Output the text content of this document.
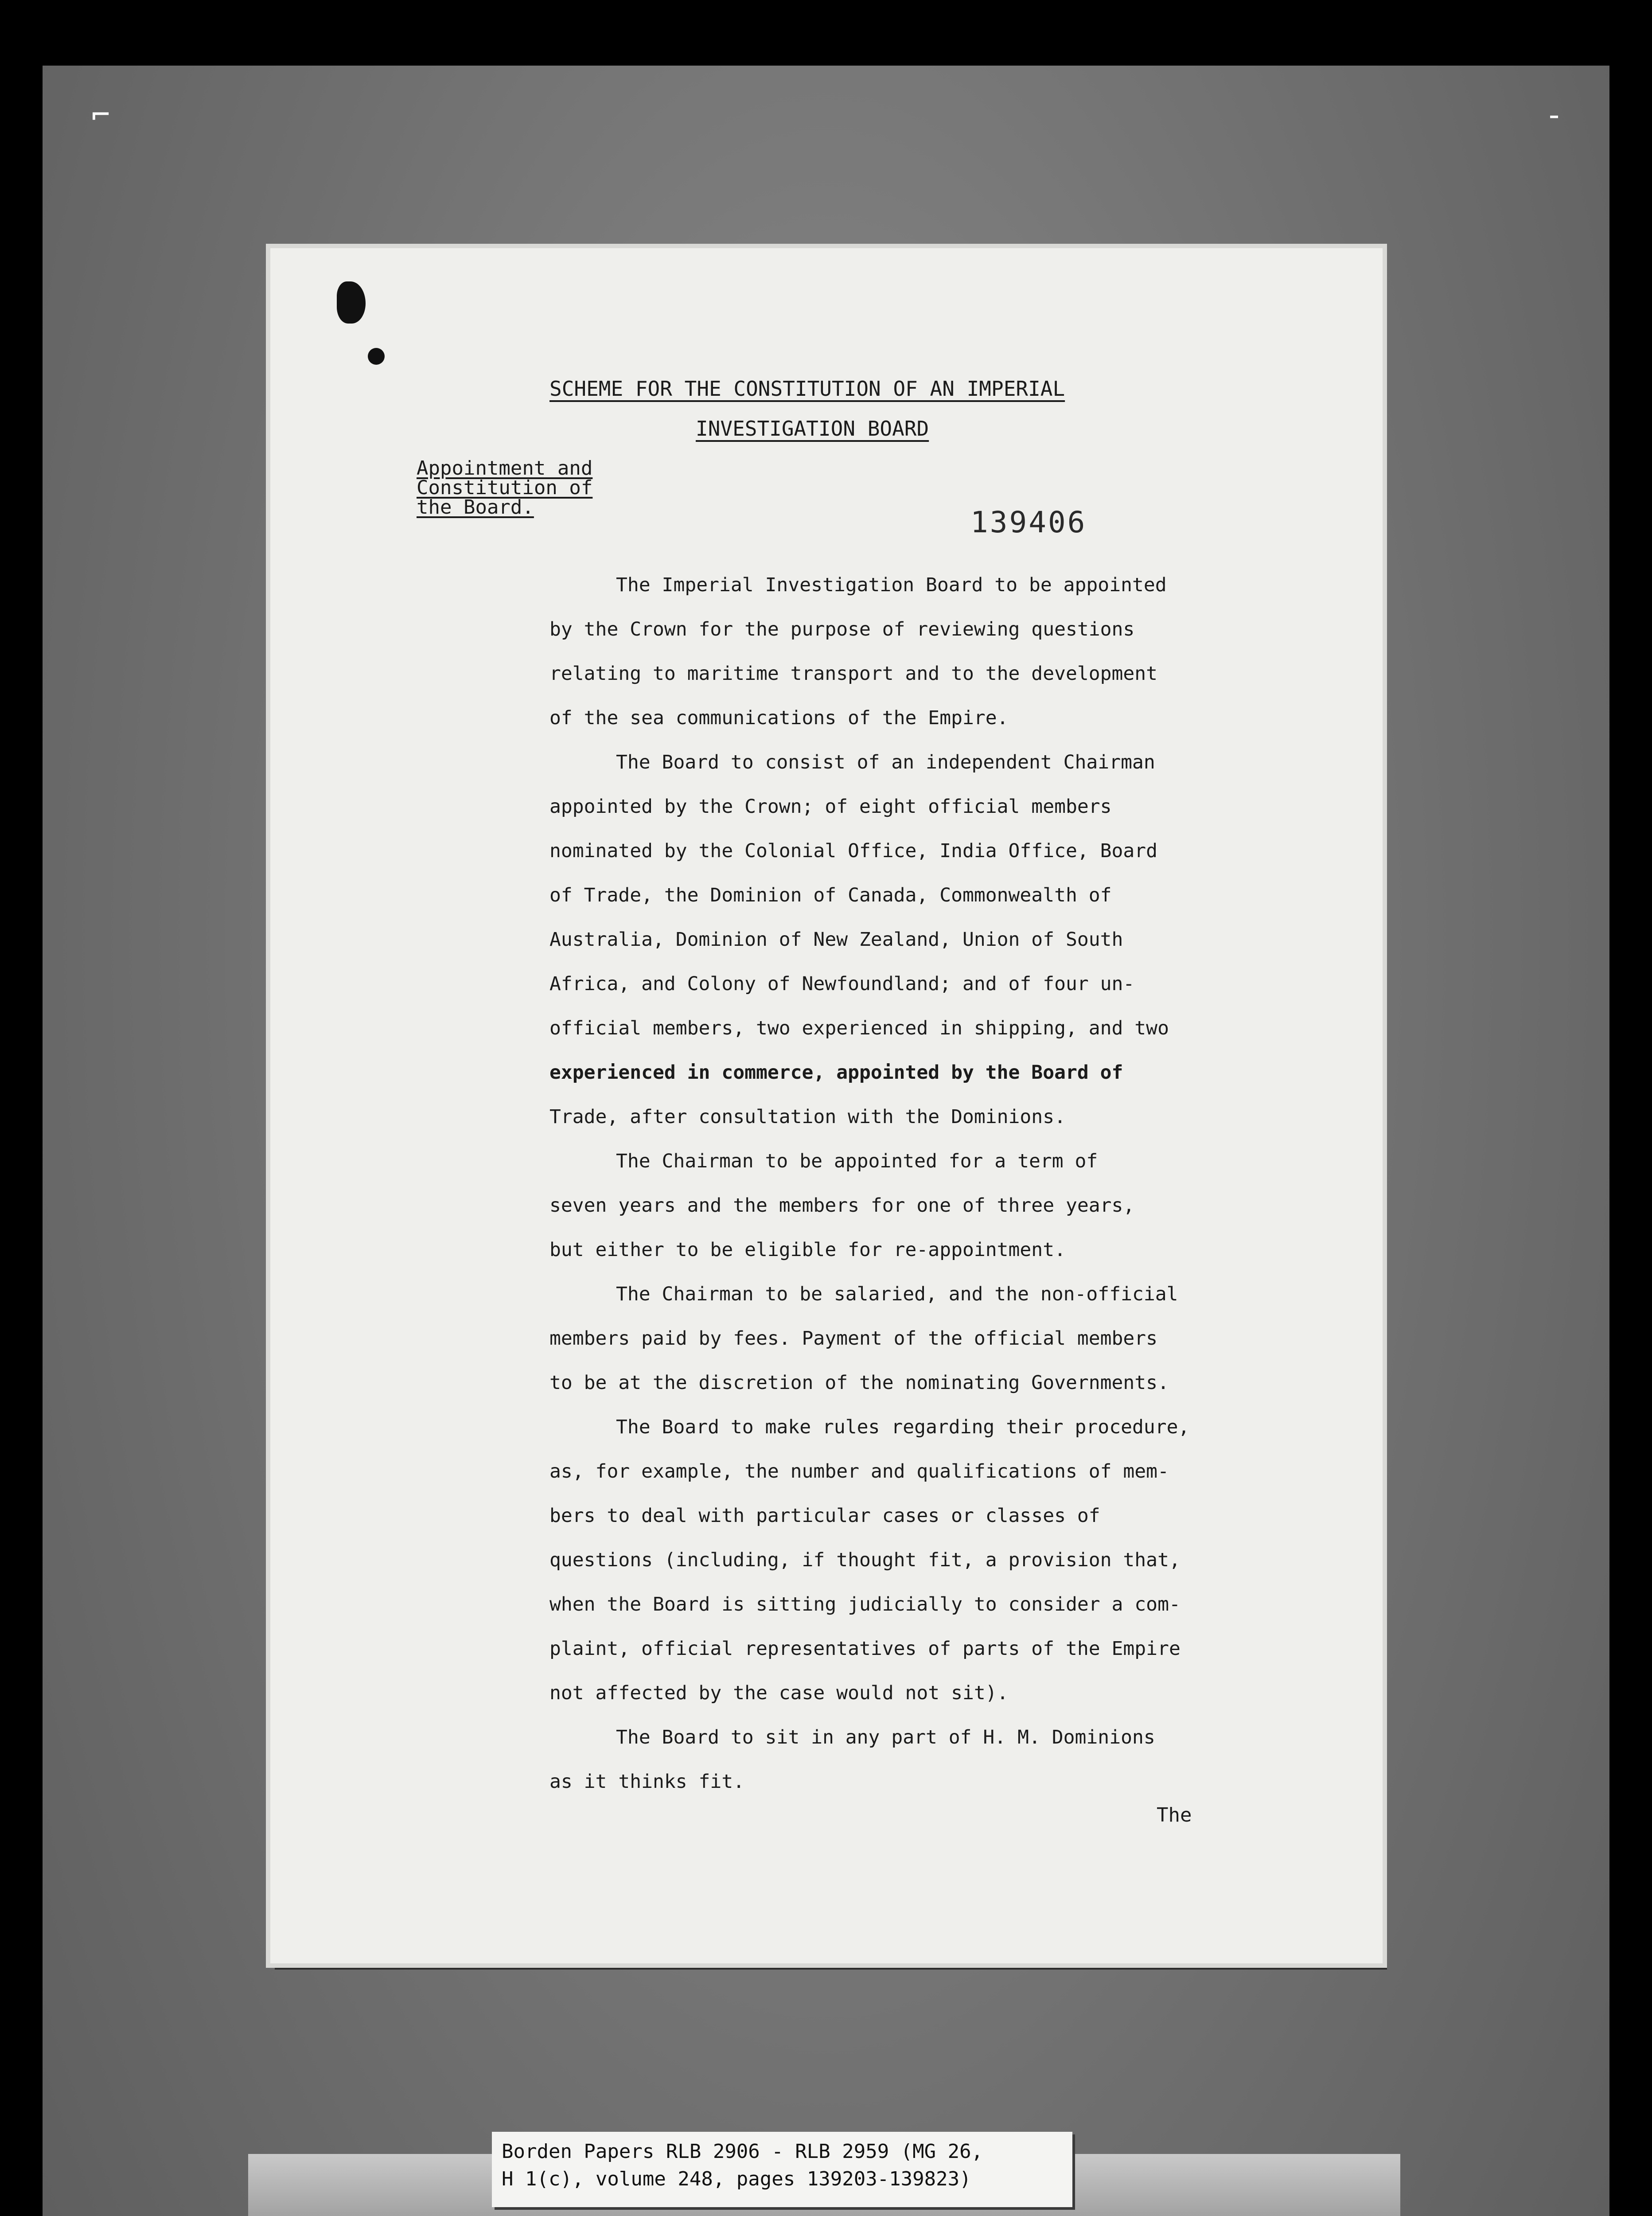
⌐	-
SCHEME FOR THE CONSTITUTION OF AN IMPERIAL
INVESTIGATION BOARD
Appointment and
Constitution of
the Board.	139406
The Imperial Investigation Board to be appointed
by the Crown for the purpose of reviewing questions
relating to maritime transport and to the development
of the sea communications of the Empire.
The Board to consist of an independent Chairman
appointed by the Crown; of eight official members
nominated by the Colonial Office, India Office, Board
of Trade, the Dominion of Canada, Commonwealth of
Australia, Dominion of New Zealand, Union of South
Africa, and Colony of Newfoundland; and of four un-
official members, two experienced in shipping, and two
experienced in commerce, appointed by the Board of
Trade, after consultation with the Dominions.
The Chairman to be appointed for a term of
seven years and the members for one of three years,
but either to be eligible for re-appointment.
The Chairman to be salaried, and the non-official
members paid by fees. Payment of the official members
to be at the discretion of the nominating Governments.
The Board to make rules regarding their procedure,
as, for example, the number and qualifications of mem-
bers to deal with particular cases or classes of
questions (including, if thought fit, a provision that,
when the Board is sitting judicially to consider a com-
plaint, official representatives of parts of the Empire
not affected by the case would not sit).
The Board to sit in any part of H. M. Dominions
as it thinks fit.
The
Borden Papers RLB 2906 - RLB 2959 (MG 26,
H 1(c), volume 248, pages 139203-139823)
